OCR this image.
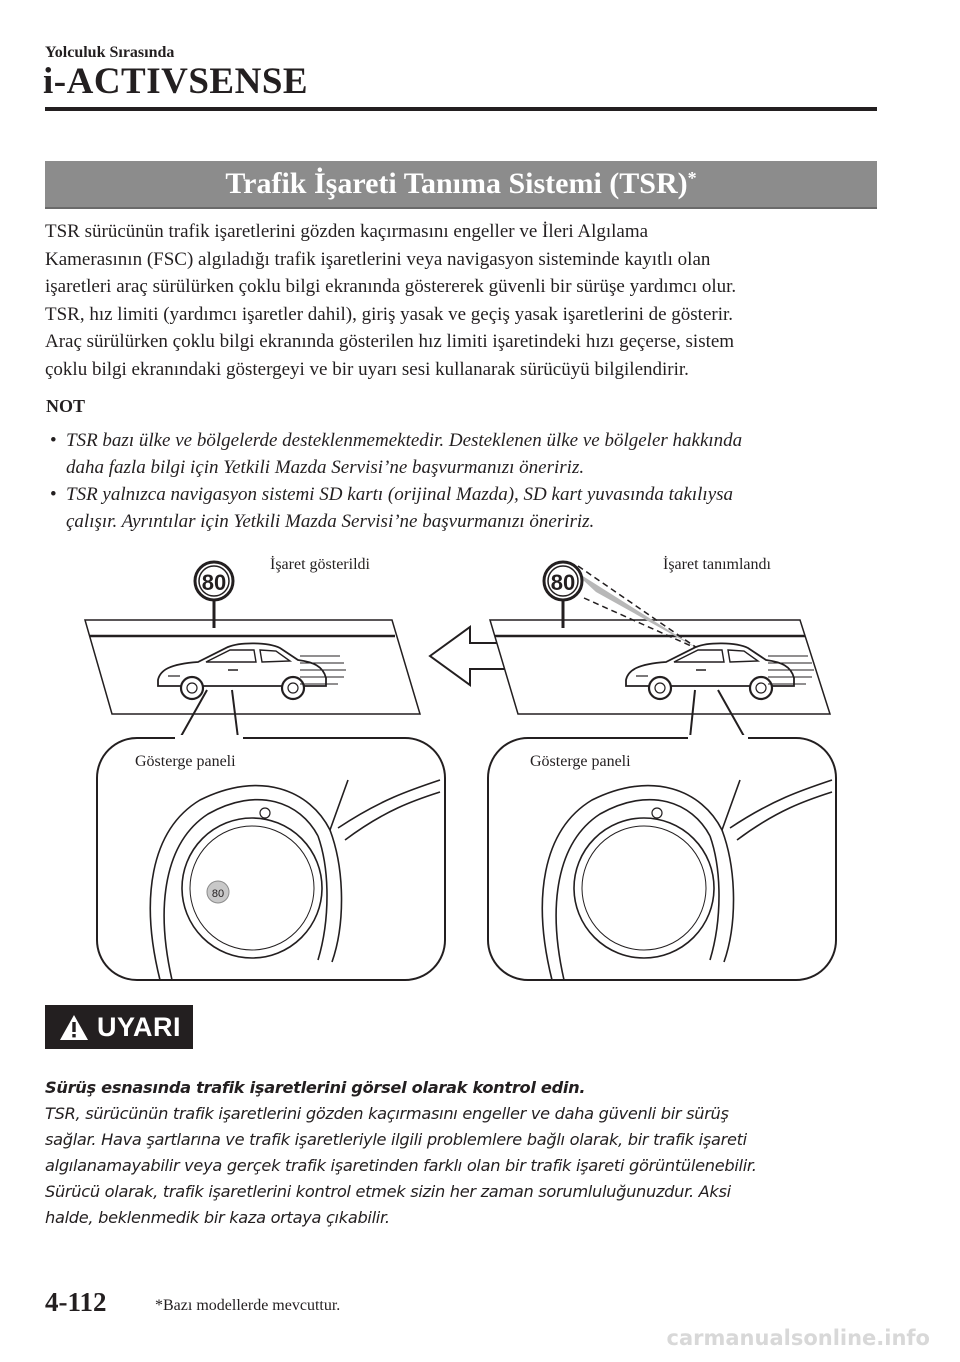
Yolculuk Sırasında
i-ACTIVSENSE
Trafik İşareti Tanıma Sistemi (TSR)*

TSR sürücünün trafik işaretlerini gözden kaçırmasını engeller ve İleri Algılama

Kamerasının (FSC) algıladığı trafik işaretlerini veya navigasyon sisteminde kayıtlı olan

işaretleri araç sürülürken çoklu bilgi ekranında göstererek güvenli bir sürüşe yardımcı olur.

TSR, hız limiti (yardımcı işaretler dahil), giriş yasak ve geçiş yasak işaretlerini de gösterir.

Araç sürülürken çoklu bilgi ekranında gösterilen hız limiti işaretindeki hızı geçerse, sistem

çoklu bilgi ekranındaki göstergeyi ve bir uyarı sesi kullanarak sürücüyü bilgilendirir.

NOT
• TSR bazı ülke ve bölgelerde desteklenmemektedir. Desteklenen ülke ve bölgeler hakkında
daha fazla bilgi için Yetkili Mazda Servisi’ne başvurmanızı öneririz.
• TSR yalnızca navigasyon sistemi SD kartı (orijinal Mazda), SD kart yuvasında takılıysa
çalışır. Ayrıntılar için Yetkili Mazda Servisi’ne başvurmanızı öneririz.
80
İşaret gösterildi
Gösterge paneli
80
80
İşaret tanımlandı
Gösterge paneli
UYARI

Sürüş esnasında trafik işaretlerini görsel olarak kontrol edin.

TSR, sürücünün trafik işaretlerini gözden kaçırmasını engeller ve daha güvenli bir sürüş

sağlar. Hava şartlarına ve trafik işaretleriyle ilgili problemlere bağlı olarak, bir trafik işareti

algılanamayabilir veya gerçek trafik işaretinden farklı olan bir trafik işareti görüntülenebilir.

Sürücü olarak, trafik işaretlerini kontrol etmek sizin her zaman sorumluluğunuzdur. Aksi

halde, beklenmedik bir kaza ortaya çıkabilir.

4-112	*Bazı modellerde mevcuttur.
carmanualsonline.info
